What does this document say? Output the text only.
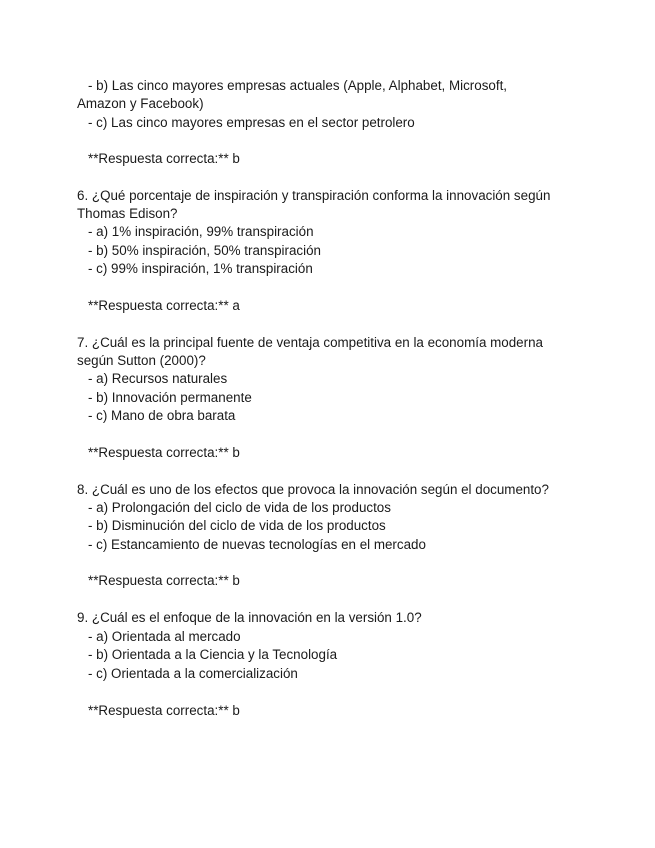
- b) Las cinco mayores empresas actuales (Apple, Alphabet, Microsoft,
Amazon y Facebook)
- c) Las cinco mayores empresas en el sector petrolero
**Respuesta correcta:** b
6. ¿Qué porcentaje de inspiración y transpiración conforma la innovación según
Thomas Edison?
- a) 1% inspiración, 99% transpiración
- b) 50% inspiración, 50% transpiración
- c) 99% inspiración, 1% transpiración
**Respuesta correcta:** a
7. ¿Cuál es la principal fuente de ventaja competitiva en la economía moderna
según Sutton (2000)?
- a) Recursos naturales
- b) Innovación permanente
- c) Mano de obra barata
**Respuesta correcta:** b
8. ¿Cuál es uno de los efectos que provoca la innovación según el documento?
- a) Prolongación del ciclo de vida de los productos
- b) Disminución del ciclo de vida de los productos
- c) Estancamiento de nuevas tecnologías en el mercado
**Respuesta correcta:** b
9. ¿Cuál es el enfoque de la innovación en la versión 1.0?
- a) Orientada al mercado
- b) Orientada a la Ciencia y la Tecnología
- c) Orientada a la comercialización
**Respuesta correcta:** b
